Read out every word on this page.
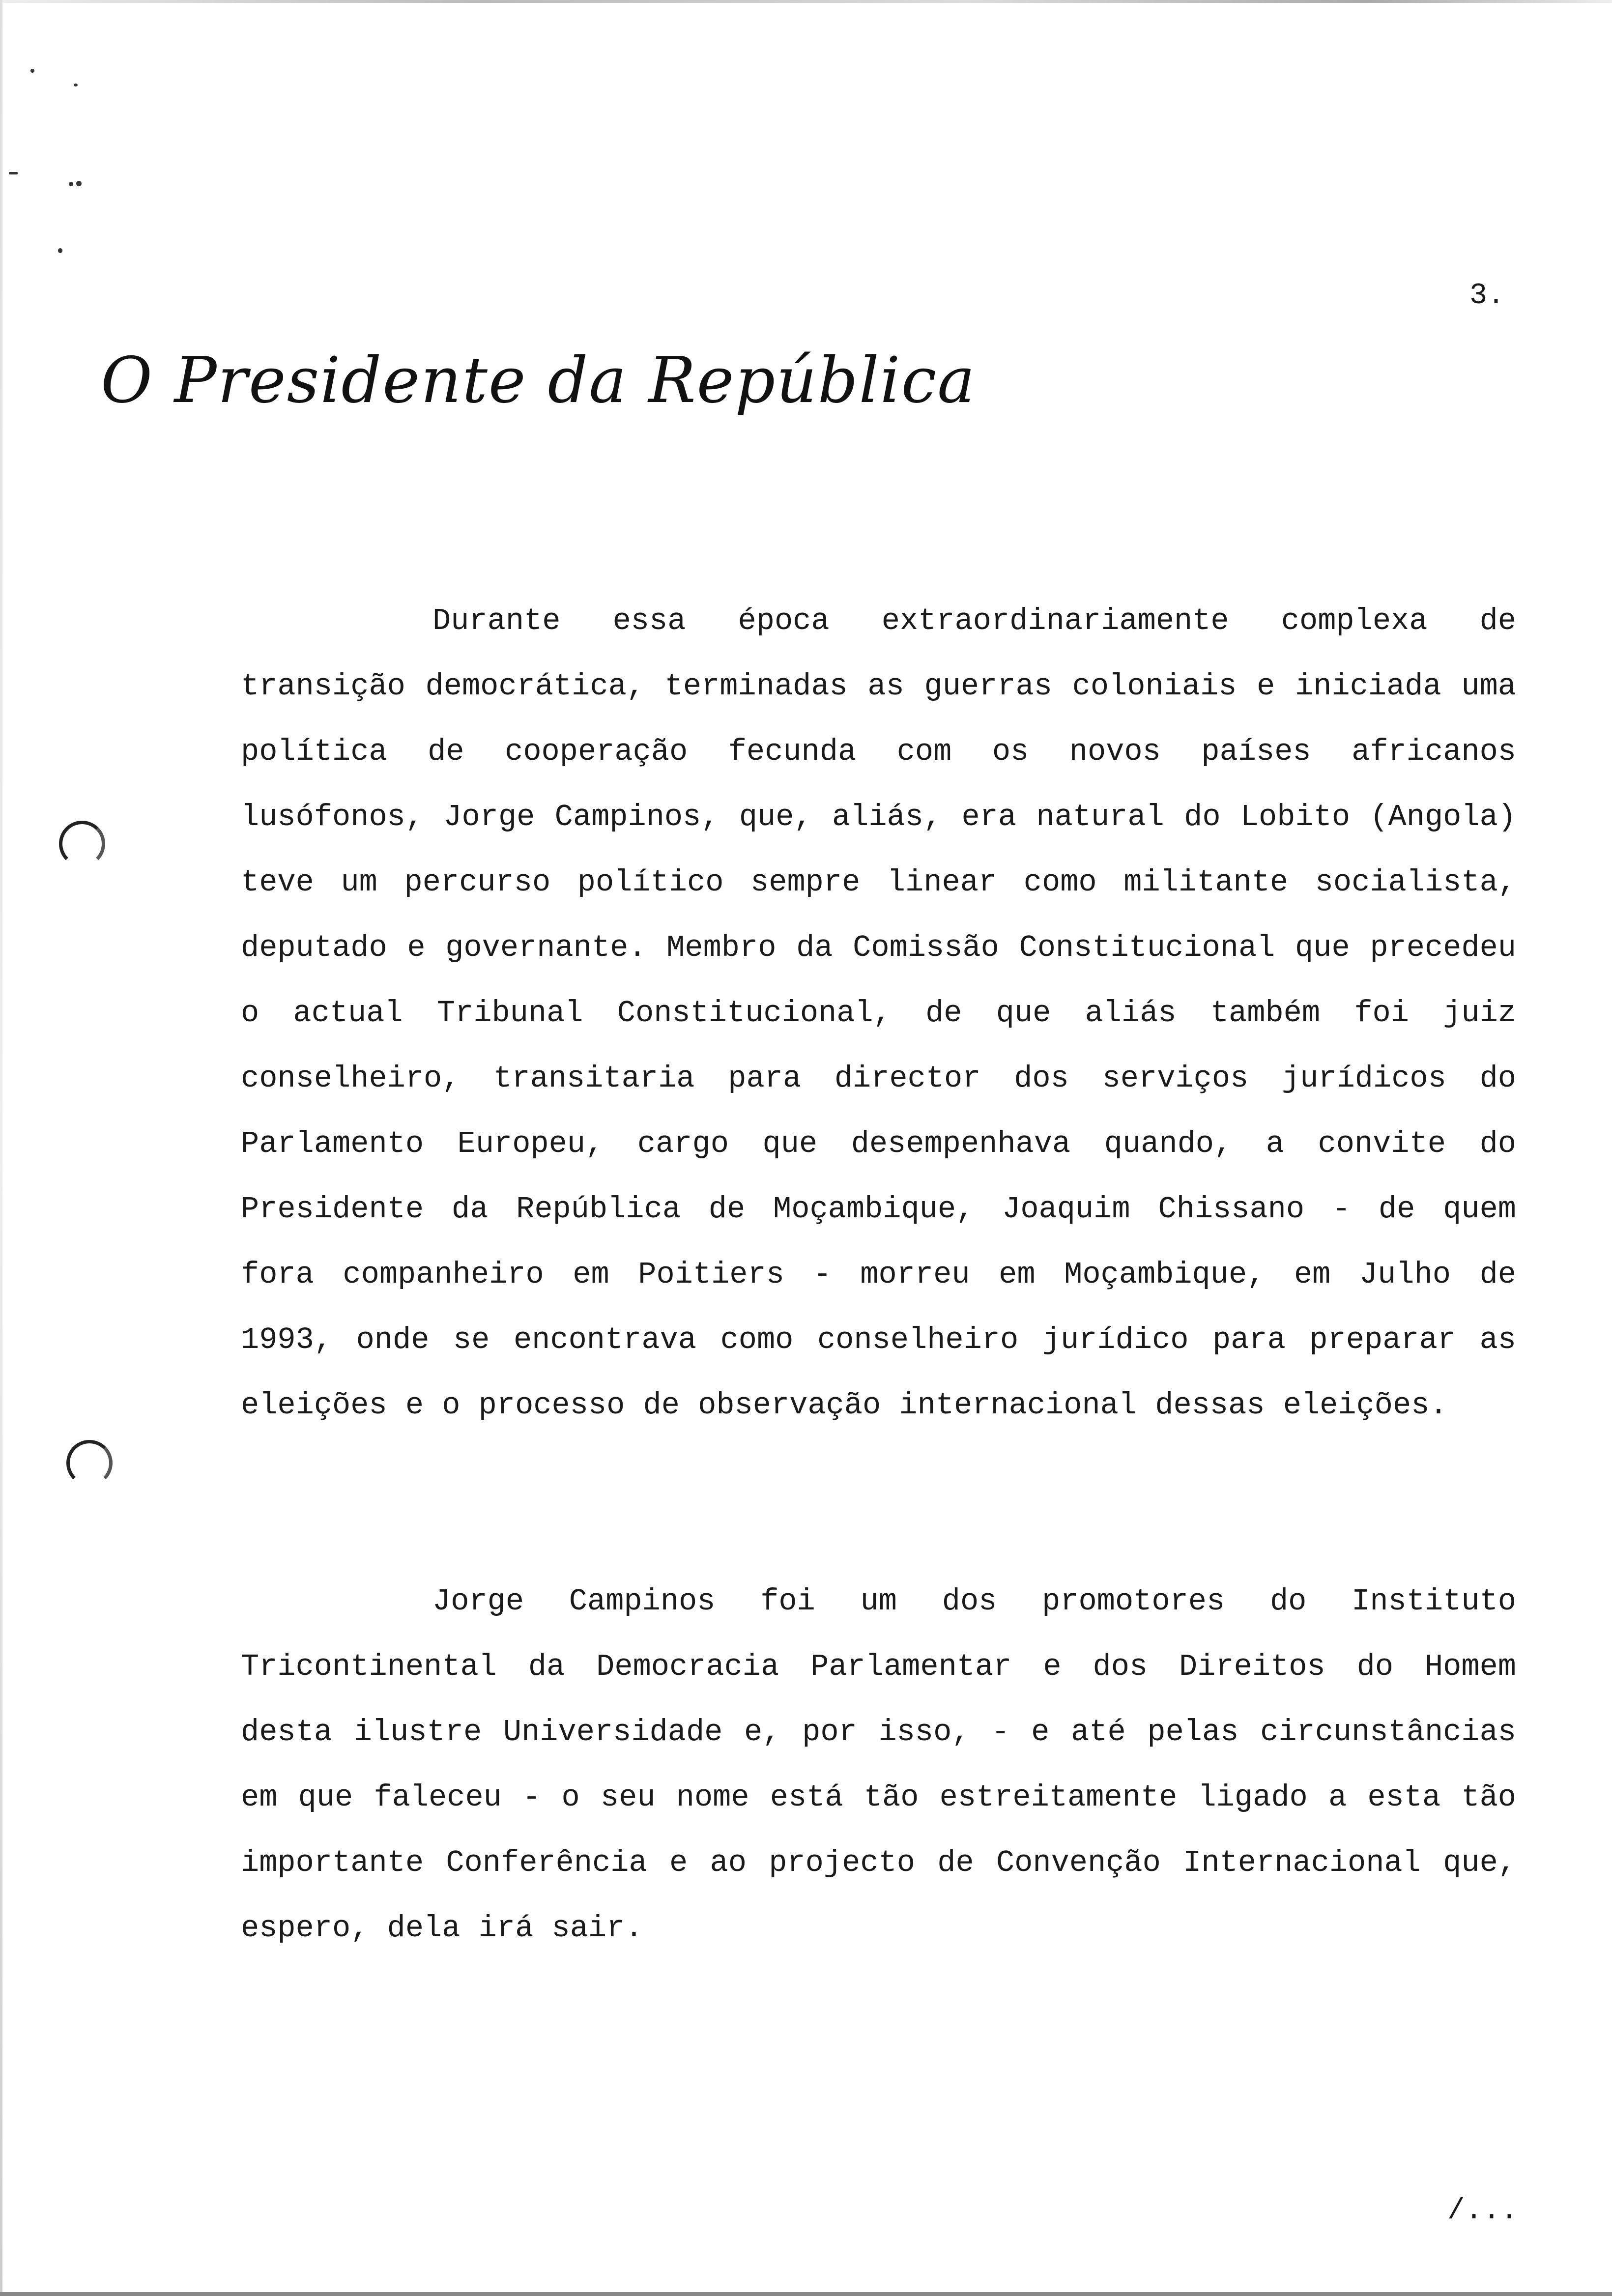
3.
O Presidente da República

Durante essa época extraordinariamente complexa de transição democrática, terminadas as guerras coloniais e iniciada uma política de cooperação fecunda com os novos países africanos lusófonos, Jorge Campinos, que, aliás, era natural do Lobito (Angola) teve um percurso político sempre linear como militante socialista, deputado e governante. Membro da Comissão Constitucional que precedeu o actual Tribunal Constitucional, de que aliás também foi juiz conselheiro, transitaria para director dos serviços jurídicos do Parlamento Europeu, cargo que desempenhava quando, a convite do Presidente da República de Moçambique, Joaquim Chissano - de quem fora companheiro em Poitiers - morreu em Moçambique, em Julho de 1993, onde se encontrava como conselheiro jurídico para preparar as eleições e o processo de observação internacional dessas eleições.

Jorge Campinos foi um dos promotores do Instituto Tricontinental da Democracia Parlamentar e dos Direitos do Homem desta ilustre Universidade e, por isso, - e até pelas circunstâncias em que faleceu - o seu nome está tão estreitamente ligado a esta tão importante Conferência e ao projecto de Convenção Internacional que, espero, dela irá sair.

/...
